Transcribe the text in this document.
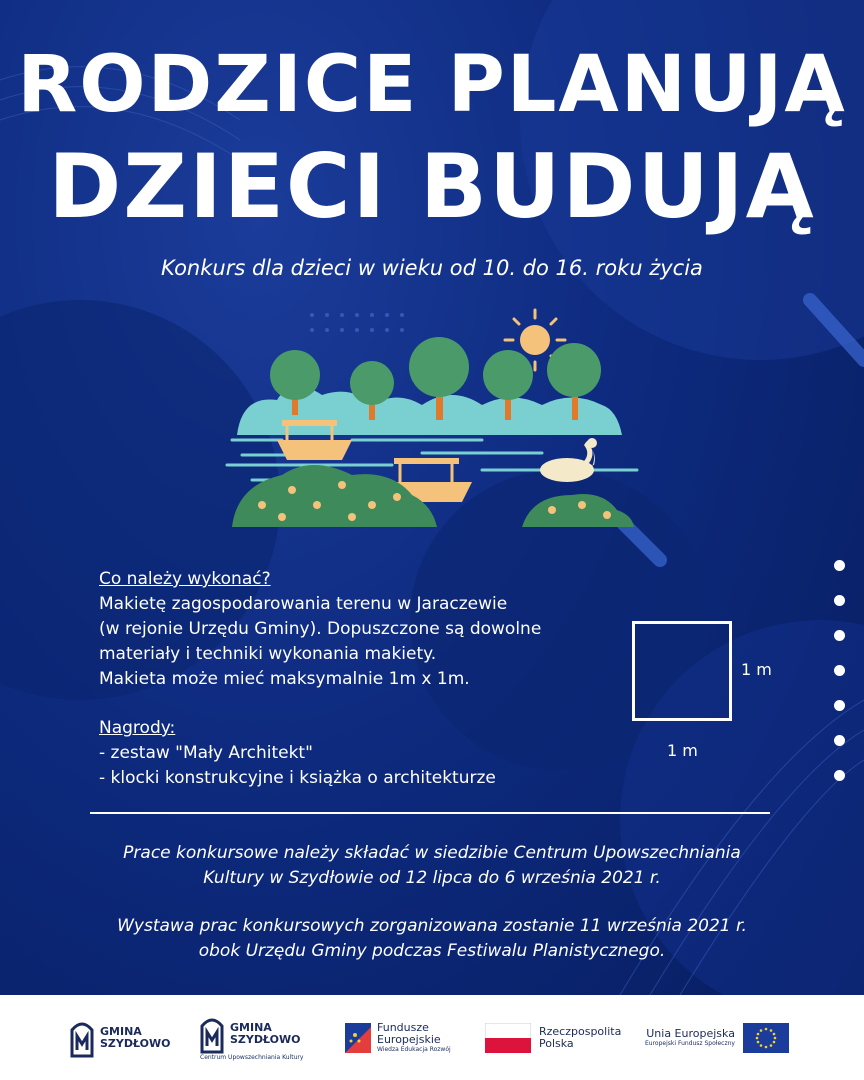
RODZICE PLANUJĄ
DZIECI BUDUJĄ
Konkurs dla dzieci w wieku od 10. do 16. roku życia
Co należy wykonać?
Makietę zagospodarowania terenu w Jaraczewie
(w rejonie Urzędu Gminy). Dopuszczone są dowolne
materiały i techniki wykonania makiety.
Makieta może mieć maksymalnie 1m x 1m.
Nagrody:
- zestaw "Mały Architekt"
- klocki konstrukcyjne i książka o architekturze
1 m
1 m
Prace konkursowe należy składać w siedzibie Centrum Upowszechniania
Kultury w Szydłowie od 12 lipca do 6 września 2021 r.
Wystawa prac konkursowych zorganizowana zostanie 11 września 2021 r.
obok Urzędu Gminy podczas Festiwalu Planistycznego.
GMINA
SZYDŁOWO
GMINA
SZYDŁOWO
Centrum Upowszechniania Kultury
Fundusze
Europejskie
Wiedza Edukacja Rozwój
Rzeczpospolita
Polska
Unia Europejska
Europejski Fundusz Społeczny
